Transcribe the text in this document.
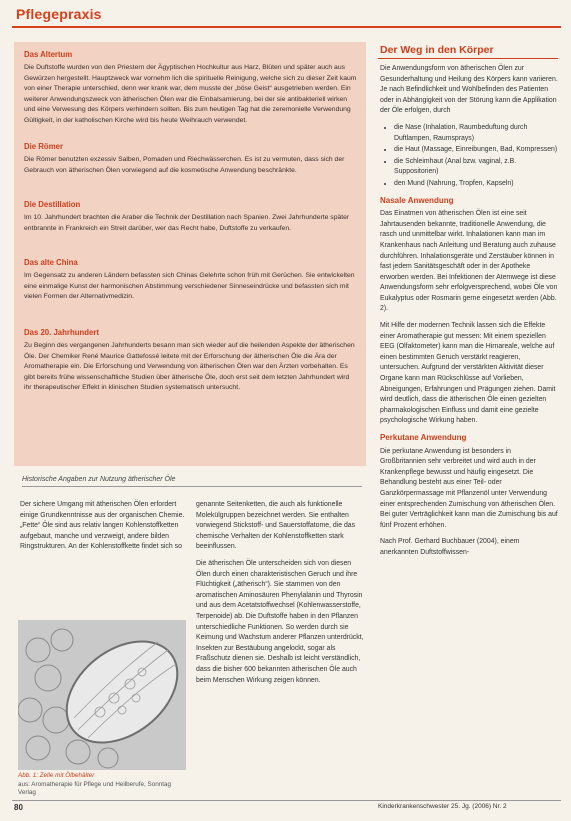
Pflegepraxis
Das Altertum

Die Duftstoffe wurden von den Priestern der Ägyptischen Hochkultur aus Harz, Blüten und später auch aus Gewürzen hergestellt. Hauptzweck war vornehm lich die spirituelle Reinigung, welche sich zu dieser Zeit kaum von einer Therapie unterschied, denn wer krank war, dem musste der „böse Geist“ ausgetrieben werden. Ein weiterer Anwendungszweck von ätherischen Ölen war die Einbalsamierung, bei der sie antibakteriell wirken und eine Verwesung des Körpers verhindern sollten. Bis zum heutigen Tag hat die zeremonielle Verwendung Gültigkeit, in der katholischen Kirche wird bis heute Weihrauch verwendet.

Die Römer

Die Römer benutzten exzessiv Salben, Pomaden und Riechwässerchen. Es ist zu vermuten, dass sich der Gebrauch von ätherischen Ölen vorwiegend auf die kosmetische Anwendung beschränkte.

Die Destillation

Im 10. Jahrhundert brachten die Araber die Technik der Destillation nach Spanien. Zwei Jahrhunderte später entbrannte in Frankreich ein Streit darüber, wer das Recht habe, Duftstoffe zu verkaufen.

Das alte China

Im Gegensatz zu anderen Ländern befassten sich Chinas Gelehrte schon früh mit Gerüchen. Sie entwickelten eine einmalige Kunst der harmonischen Abstimmung verschiedener Sinneseindrücke und befassten sich mit vielen Formen der Alternativmedizin.

Das 20. Jahrhundert

Zu Beginn des vergangenen Jahrhunderts besann man sich wieder auf die heilenden Aspekte der ätherischen Öle. Der Chemiker René Maurice Gattefossé leitete mit der Erforschung der ätherischen Öle die Ära der Aromatherapie ein. Die Erforschung und Verwendung von ätherischen Ölen war den Ärzten vorbehalten. Es gibt bereits frühe wissenschaftliche Studien über ätherische Öle, doch erst seit dem letzten Jahrhundert wird ihr therapeutischer Effekt in klinischen Studien systematisch untersucht.

Historische Angaben zur Nutzung ätherischer Öle

Der sichere Umgang mit ätherischen Ölen erfordert einige Grundkenntnisse aus der organischen Chemie. „Fette“ Öle sind aus relativ langen Kohlenstoffketten aufgebaut, manche und verzweigt, andere bilden Ringstrukturen. An der Kohlenstoffkette findet sich so

Abb. 1: Zelle mit Ölbehälter
aus: Aromatherapie für Pflege und Heilberufe, Sonntag Verlag

genannte Seitenketten, die auch als funktionelle Molekülgruppen bezeichnet werden. Sie enthalten vorwiegend Stickstoff- und Sauerstoffatome, die das chemische Verhalten der Kohlenstoffketten stark beeinflussen.

Die ätherischen Öle unterscheiden sich von diesen Ölen durch einen charakteristischen Geruch und ihre Flüchtigkeit („ätherisch“). Sie stammen von den aromatischen Aminosäuren Phenylalanin und Thyrosin und aus dem Acetatstoffwechsel (Kohlenwasserstoffe, Terpenoide) ab. Die Duftstoffe haben in den Pflanzen unterschiedliche Funktionen. So werden durch sie Keimung und Wachstum anderer Pflanzen unterdrückt, Insekten zur Bestäubung angelockt, sogar als Fraßschutz dienen sie. Deshalb ist leicht verständlich, dass die bisher 600 bekannten ätherischen Öle auch beim Menschen Wirkung zeigen können.

Der Weg in den Körper

Die Anwendungsform von ätherischen Ölen zur Gesunderhaltung und Heilung des Körpers kann variieren. Je nach Befindlichkeit und Wohlbefinden des Patienten oder in Abhängigkeit von der Störung kann die Applikation der Öle erfolgen, durch

• die Nase (Inhalation, Raumbeduftung durch Duftlampen, Raumsprays)
• die Haut (Massage, Einreibungen, Bad, Kompressen)
• die Schleimhaut (Anal bzw. vaginal, z.B. Suppositorien)
• den Mund (Nahrung, Tropfen, Kapseln)
Nasale Anwendung

Das Einatmen von ätherischen Ölen ist eine seit Jahrtausenden bekannte, traditionelle Anwendung, die rasch und unmittelbar wirkt. Inhalationen kann man im Krankenhaus nach Anleitung und Beratung auch zuhause durchführen. Inhalationsgeräte und Zerstäuber können in fast jedem Sanitätsgeschäft oder in der Apotheke erworben werden. Bei Infektionen der Atemwege ist diese Anwendungsform sehr erfolgversprechend, wobei Öle von Eukalyptus oder Rosmarin gerne eingesetzt werden (Abb. 2).

Mit Hilfe der modernen Technik lassen sich die Effekte einer Aromatherapie gut messen: Mit einem speziellen EEG (Olfaktometer) kann man die Hirnareale, welche auf einen bestimmten Geruch verstärkt reagieren, untersuchen. Aufgrund der verstärkten Aktivität dieser Organe kann man Rückschlüsse auf Vorlieben, Abneigungen, Erfahrungen und Prägungen ziehen. Damit wird deutlich, dass die ätherischen Öle einen gezielten pharmakologischen Einfluss und damit eine gezielte psychologische Wirkung haben.

Perkutane Anwendung

Die perkutane Anwendung ist besonders in Großbritannien sehr verbreitet und wird auch in der Krankenpflege bewusst und häufig eingesetzt. Die Behandlung besteht aus einer Teil- oder Ganzkörpermassage mit Pflanzenöl unter Verwendung einer entsprechenden Zumischung von ätherischen Ölen. Bei guter Verträglichkeit kann man die Zumischung bis auf fünf Prozent erhöhen.

Nach Prof. Gerhard Buchbauer (2004), einem anerkannten Duftstoffwissen-

80	Kinderkrankenschwester 25. Jg. (2006) Nr. 2
